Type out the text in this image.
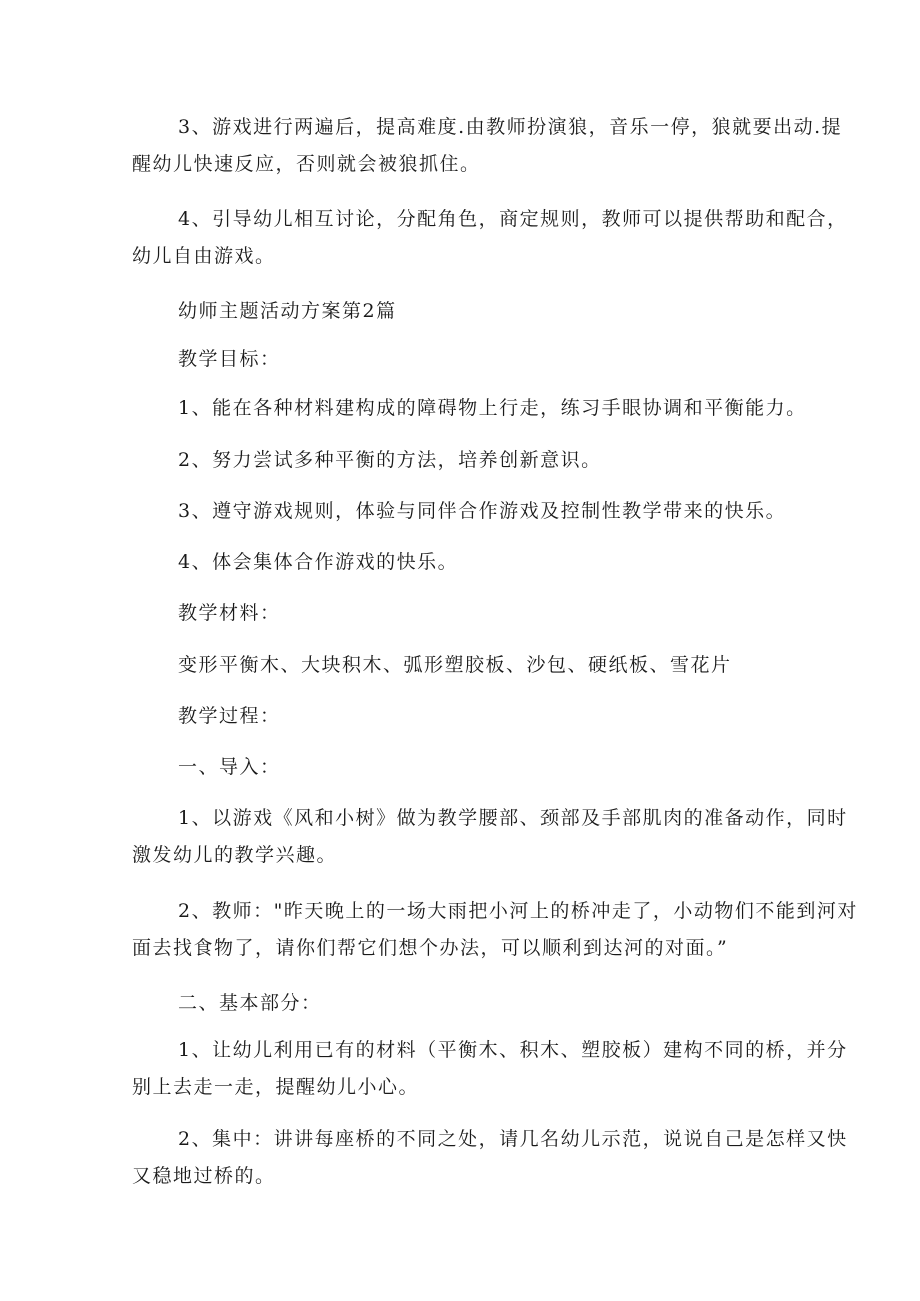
3、游戏进行两遍后，提高难度.由教师扮演狼，音乐一停，狼就要出动.提
醒幼儿快速反应，否则就会被狼抓住。

4、引导幼儿相互讨论，分配角色，商定规则，教师可以提供帮助和配合，
幼儿自由游戏。

幼师主题活动方案第2篇

教学目标：

1、能在各种材料建构成的障碍物上行走，练习手眼协调和平衡能力。

2、努力尝试多种平衡的方法，培养创新意识。

3、遵守游戏规则，体验与同伴合作游戏及控制性教学带来的快乐。

4、体会集体合作游戏的快乐。

教学材料：

变形平衡木、大块积木、弧形塑胶板、沙包、硬纸板、雪花片

教学过程：

一、导入：

1、以游戏《风和小树》做为教学腰部、颈部及手部肌肉的准备动作，同时
激发幼儿的教学兴趣。

2、教师："昨天晚上的一场大雨把小河上的桥冲走了，小动物们不能到河对
面去找食物了，请你们帮它们想个办法，可以顺利到达河的对面。”

二、基本部分：

1、让幼儿利用已有的材料（平衡木、积木、塑胶板）建构不同的桥，并分
别上去走一走，提醒幼儿小心。

2、集中：讲讲每座桥的不同之处，请几名幼儿示范，说说自己是怎样又快
又稳地过桥的。
